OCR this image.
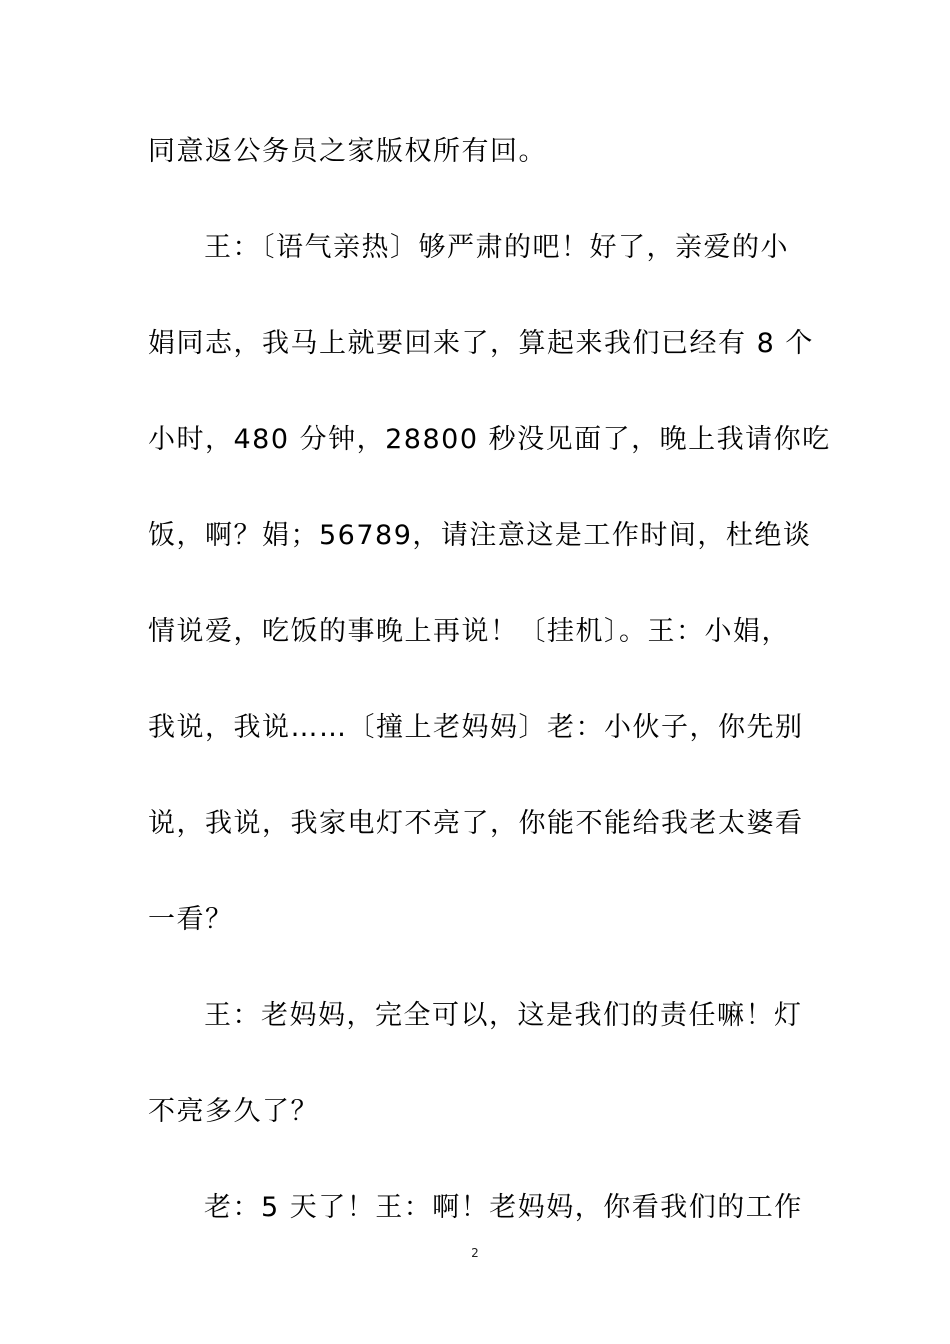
同意返公务员之家版权所有回。
王：〔语气亲热〕够严肃的吧！好了，亲爱的小
娟同志，我马上就要回来了，算起来我们已经有 8 个
小时，480 分钟，28800 秒没见面了，晚上我请你吃
饭，啊？娟；56789，请注意这是工作时间，杜绝谈
情说爱，吃饭的事晚上再说！〔挂机〕。王：小娟，
我说，我说……〔撞上老妈妈〕老：小伙子，你先别
说，我说，我家电灯不亮了，你能不能给我老太婆看
一看？
王：老妈妈，完全可以，这是我们的责任嘛！灯
不亮多久了？
老：5 天了！王：啊！老妈妈，你看我们的工作
2
